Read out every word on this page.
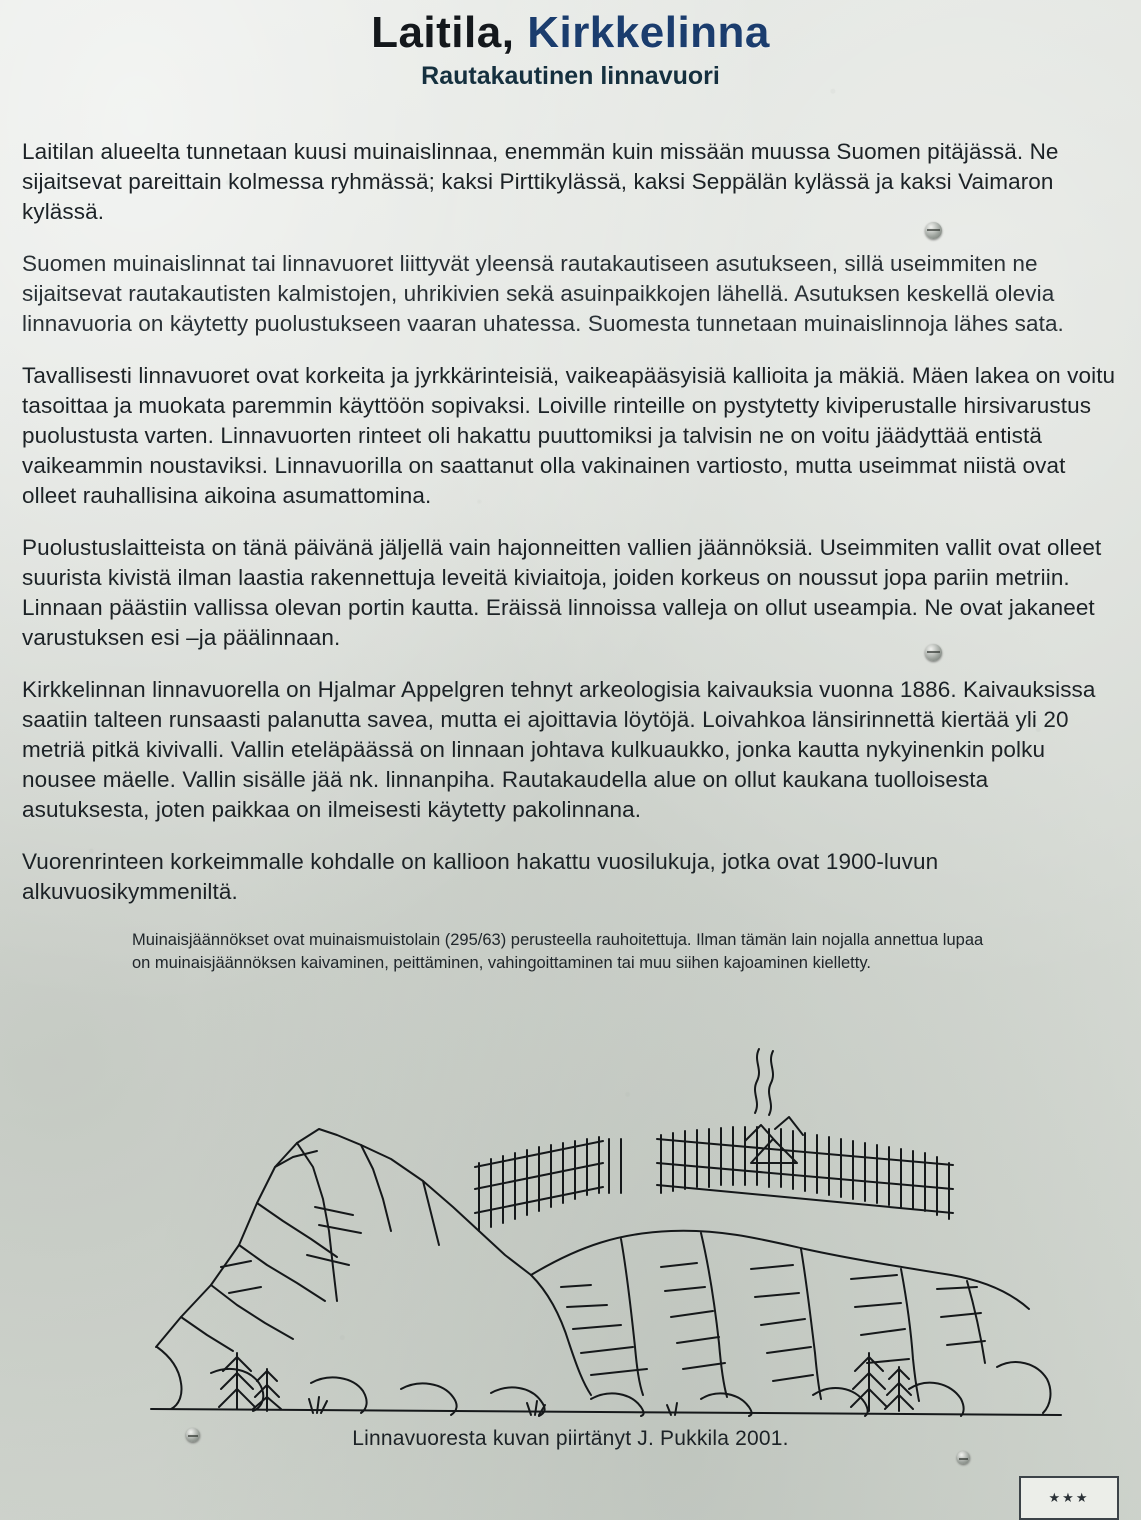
Laitila, Kirkkelinna
Rautakautinen linnavuori

Laitilan alueelta tunnetaan kuusi muinaislinnaa, enemmän kuin missään muussa Suomen pitäjässä. Ne sijaitsevat pareittain kolmessa ryhmässä; kaksi Pirttikylässä, kaksi Seppälän kylässä ja kaksi Vaimaron kylässä.

Suomen muinaislinnat tai linnavuoret liittyvät yleensä rautakautiseen asutukseen, sillä useimmiten ne sijaitsevat rautakautisten kalmistojen, uhrikivien sekä asuinpaikkojen lähellä. Asutuksen keskellä olevia linnavuoria on käytetty puolustukseen vaaran uhatessa. Suomesta tunnetaan muinaislinnoja lähes sata.

Tavallisesti linnavuoret ovat korkeita ja jyrkkärinteisiä, vaikeapääsyisiä kallioita ja mäkiä. Mäen lakea on voitu tasoittaa ja muokata paremmin käyttöön sopivaksi. Loiville rinteille on pystytetty kiviperustalle hirsivarustus puolustusta varten. Linnavuorten rinteet oli hakattu puuttomiksi ja talvisin ne on voitu jäädyttää entistä vaikeammin noustaviksi. Linnavuorilla on saattanut olla vakinainen vartiosto, mutta useimmat niistä ovat olleet rauhallisina aikoina asumattomina.

Puolustuslaitteista on tänä päivänä jäljellä vain hajonneitten vallien jäännöksiä. Useimmiten vallit ovat olleet suurista kivistä ilman laastia rakennettuja leveitä kiviaitoja, joiden korkeus on noussut jopa pariin metriin. Linnaan päästiin vallissa olevan portin kautta. Eräissä linnoissa valleja on ollut useampia. Ne ovat jakaneet varustuksen esi –ja päälinnaan.

Kirkkelinnan linnavuorella on Hjalmar Appelgren tehnyt arkeologisia kaivauksia vuonna 1886. Kaivauksissa saatiin talteen runsaasti palanutta savea, mutta ei ajoittavia löytöjä. Loivahkoa länsirinnettä kiertää yli 20 metriä pitkä kivivalli. Vallin eteläpäässä on linnaan johtava kulkuaukko, jonka kautta nykyinenkin polku nousee mäelle. Vallin sisälle jää nk. linnanpiha. Rautakaudella alue on ollut kaukana tuolloisesta asutuksesta, joten paikkaa on ilmeisesti käytetty pakolinnana.

Vuorenrinteen korkeimmalle kohdalle on kallioon hakattu vuosilukuja, jotka ovat 1900-luvun alkuvuosikymmeniltä.

Muinaisjäännökset ovat muinaismuistolain (295/63) perusteella rauhoitettuja. Ilman tämän lain nojalla annettua lupaa on muinaisjäännöksen kaivaminen, peittäminen, vahingoittaminen tai muu siihen kajoaminen kielletty.

Linnavuoresta kuvan piirtänyt J. Pukkila 2001.
★★★
